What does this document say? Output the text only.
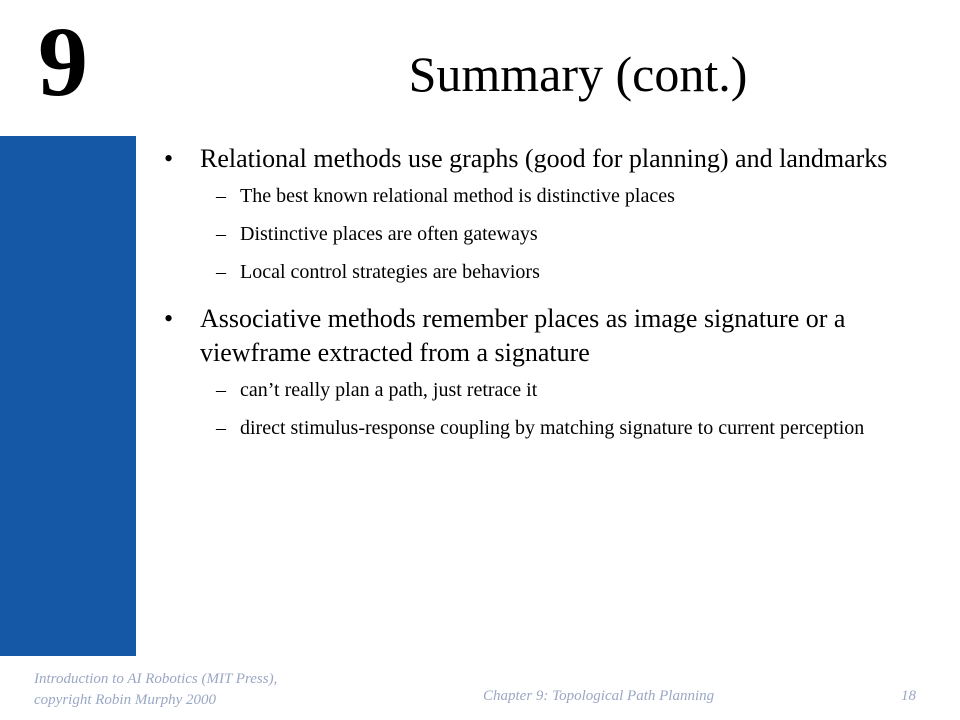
9	Summary (cont.)
• Relational methods use graphs (good for planning) and landmarks
– The best known relational method is distinctive places
– Distinctive places are often gateways
– Local control strategies are behaviors
• Associative methods remember places as image signature or a viewframe extracted from a signature
– can’t really plan a path, just retrace it
– direct stimulus-response coupling by matching signature to current perception
Introduction to AI Robotics (MIT Press),
copyright Robin Murphy 2000	Chapter 9: Topological Path Planning	18
